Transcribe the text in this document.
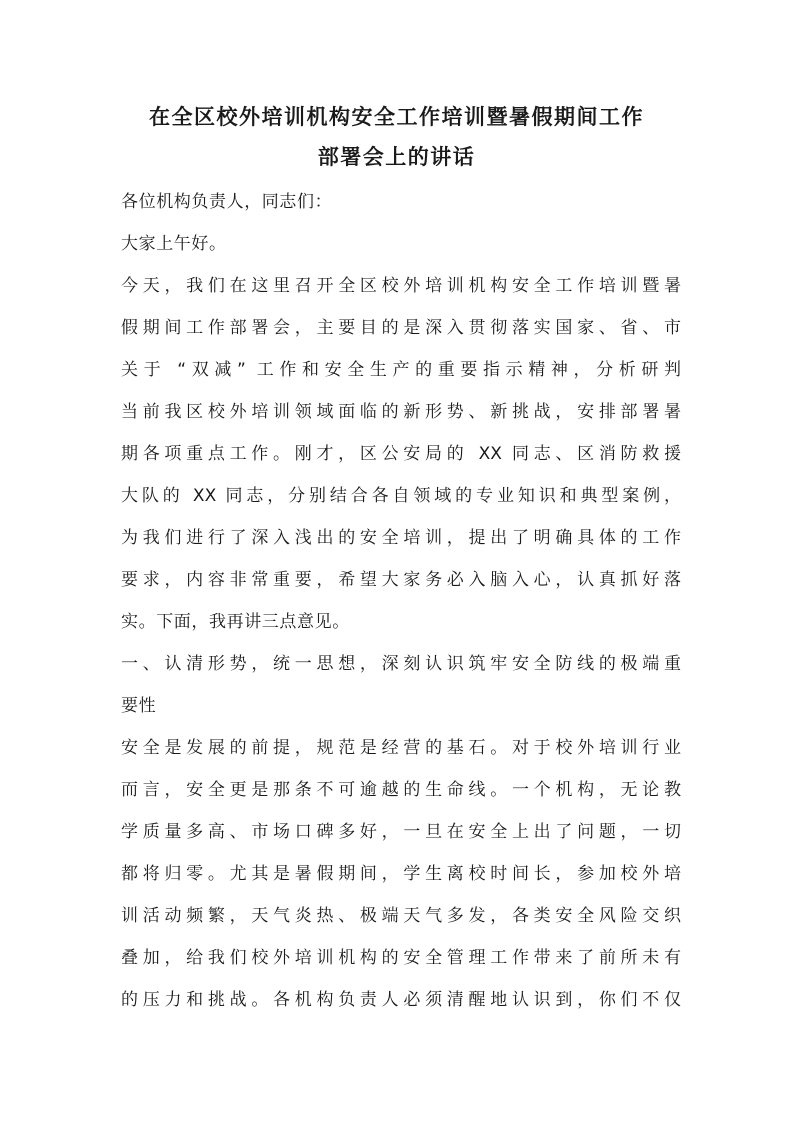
在全区校外培训机构安全工作培训暨暑假期间工作
部署会上的讲话

各位机构负责人，同志们：

大家上午好。

今天，我们在这里召开全区校外培训机构安全工作培训暨暑

假期间工作部署会，主要目的是深入贯彻落实国家、省、市

关于 “双减” 工作和安全生产的重要指示精神，分析研判

当前我区校外培训领域面临的新形势、新挑战，安排部署暑

期各项重点工作。刚才，区公安局的 XX 同志、区消防救援

大队的 XX 同志，分别结合各自领域的专业知识和典型案例，

为我们进行了深入浅出的安全培训，提出了明确具体的工作

要求，内容非常重要，希望大家务必入脑入心，认真抓好落

实。下面，我再讲三点意见。

一、认清形势，统一思想，深刻认识筑牢安全防线的极端重

要性

安全是发展的前提，规范是经营的基石。对于校外培训行业

而言，安全更是那条不可逾越的生命线。一个机构，无论教

学质量多高、市场口碑多好，一旦在安全上出了问题，一切

都将归零。尤其是暑假期间，学生离校时间长，参加校外培

训活动频繁，天气炎热、极端天气多发，各类安全风险交织

叠加，给我们校外培训机构的安全管理工作带来了前所未有

的压力和挑战。各机构负责人必须清醒地认识到，你们不仅
